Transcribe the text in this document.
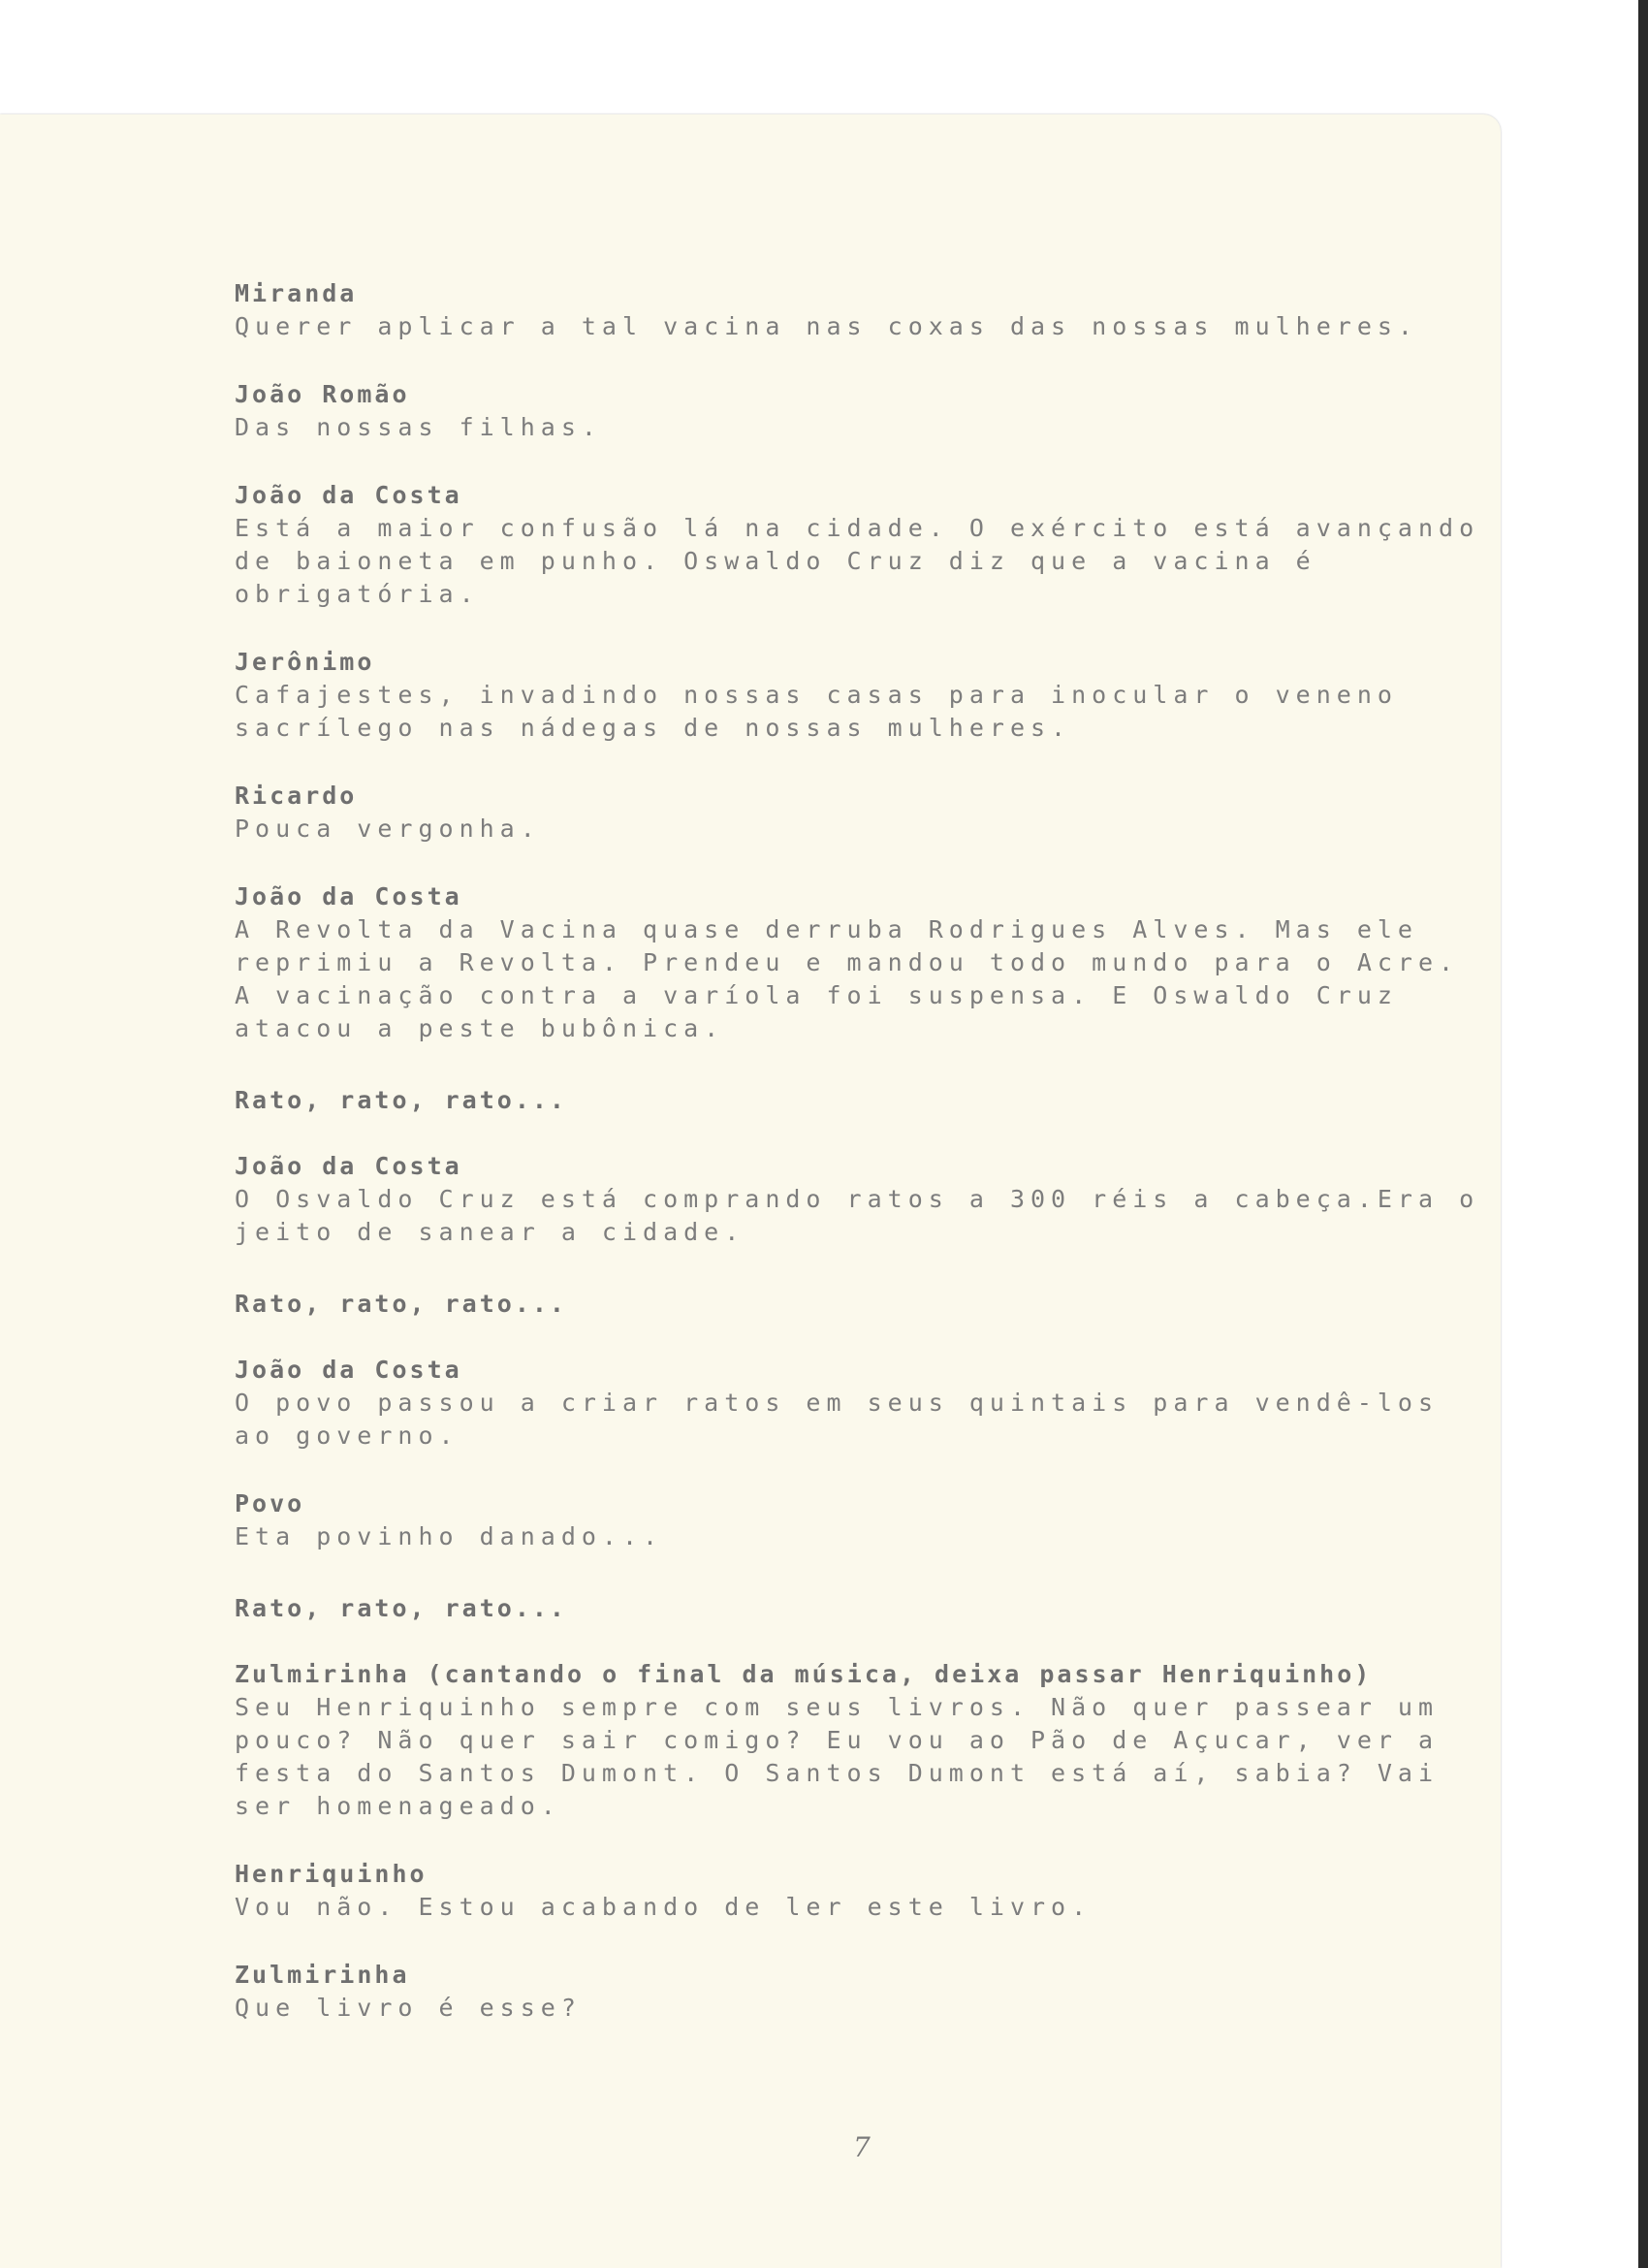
Miranda
Querer aplicar a tal vacina nas coxas das nossas mulheres.
João Romão
Das nossas filhas.
João da Costa
Está a maior confusão lá na cidade. O exército está avançando de baioneta em punho. Oswaldo Cruz diz que a vacina é obrigatória.
Jerônimo
Cafajestes, invadindo nossas casas para inocular o veneno sacrílego nas nádegas de nossas mulheres.
Ricardo
Pouca vergonha.
João da Costa
A Revolta da Vacina quase derruba Rodrigues Alves. Mas ele reprimiu a Revolta. Prendeu e mandou todo mundo para o Acre. A vacinação contra a varíola foi suspensa. E Oswaldo Cruz atacou a peste bubônica.
Rato, rato, rato...
João da Costa
O Osvaldo Cruz está comprando ratos a 300 réis a cabeça.Era o jeito de sanear a cidade.
Rato, rato, rato...
João da Costa
O povo passou a criar ratos em seus quintais para vendê-los ao governo.
Povo
Eta povinho danado...
Rato, rato, rato...
Zulmirinha (cantando o final da música, deixa passar Henriquinho)
Seu Henriquinho sempre com seus livros. Não quer passear um pouco? Não quer sair comigo? Eu vou ao Pão de Açucar, ver a festa do Santos Dumont. O Santos Dumont está aí, sabia? Vai ser homenageado.
Henriquinho
Vou não. Estou acabando de ler este livro.
Zulmirinha
Que livro é esse?
7
